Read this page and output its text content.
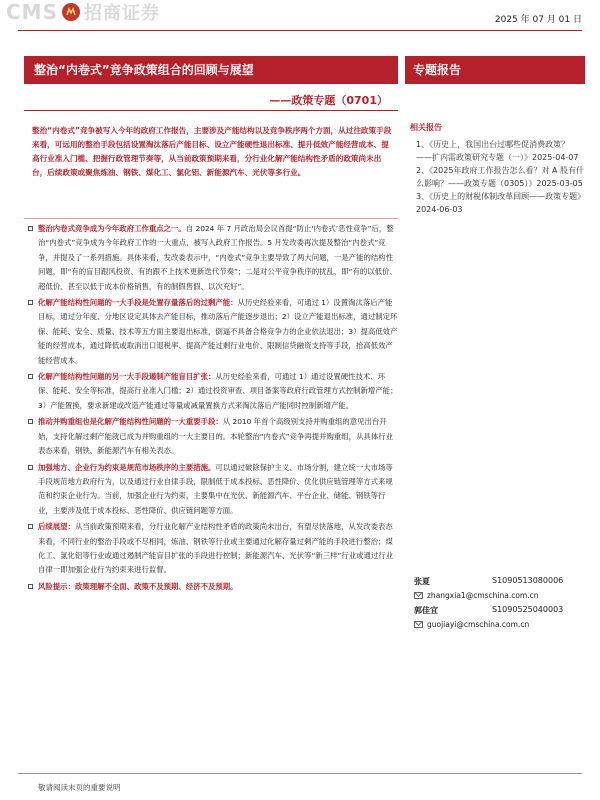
CMS 招商证券	2025 年 07 月 01 日
整治“内卷式”竞争政策组合的回顾与展望	专题报告
——政策专题（0701）
整治“内卷式”竞争被写入今年的政府工作报告，主要涉及产能结构以及竞争秩序两个方面，从过往政策手段来看，可远用的整治手段包括设置淘汰落后产能目标、设立产能硬性退出标准、提升低效产能经营成本、提高行业准入门槛、把握行政管理节奏等，从当前政策预期来看，分行业化解产能结构性矛盾的政策尚未出台，后续政策或聚焦炼油、钢铁、煤化工、氯化铝、新能源汽车、光伏等多行业。
整治内卷式竞争成为今年政府工作重点之一。自 2024 年 7 月政治局会议首提“防止‘内卷式’恶性竞争”后，整治“内卷式”竞争成为今年政府工作的一大重点，被写入政府工作报告。5 月发改委再次提及整治“内卷式”竞争，并提及了一系列措施。具体来看，发改委表示中，“内卷式”竞争主要导致了两大问题，一是产能的结构性问题，即“有的盲目跟风投资、有的跟不上技术更新迭代节奏”；二是对公平竞争秩序的扰乱，即“有的以低价、超低价、甚至以低于成本价格销售，有的制假售假、以次充好”。
化解产能结构性问题的一大手段是处置存量落后的过剩产能：从历史经验来看，可通过 1）设置淘汰落后产能目标，通过分年度、分地区设定具体去产能目标，推动落后产能逐步退出；2）设立产能退出标准，通过制定环保、能耗、安全、质量、技术等五方面主要退出标准，倒逼不具备合格竞争力的企业依法退出；3）提高低效产能的经营成本，通过降低或取消出口退税率、提高产能过剩行业电价、限制信贷融资支持等手段，抬高低效产能经营成本。
化解产能结构性问题的另一大手段遏制产能盲目扩张：从历史经验来看，可通过 1）通过设置硬性技术、环保、能耗、安全等标准，提高行业准入门槛；2）通过投资审查、项目备案等政府行政管理方式控制新增产能；3）产能置换，要求新建或改造产能通过等量或减量置换方式来淘汰落后产能同时控制新增产能。
推动并购重组也是化解产能结构性问题的一大重要手段：从 2010 年首个高级别支持并购重组的意见出台开始，支持化解过剩产能就已成为并购重组的一大主要目的。本轮整治“内卷式”竞争再提并购重组，从具体行业表态来看，钢铁、新能源汽车有相关表态。
加强地方、企业行为约束是规范市场秩序的主要措施。可以通过破除保护主义、市场分割，建立统一大市场等手段规范地方政府行为，以及通过行业自律手段，限制低于成本投标、恶性降价、优化供应链管理等方式来规范和约束企业行为。当前，加强企业行为约束，主要集中在光伏、新能源汽车、平台企业、储能、钢铁等行业，主要涉及低于成本投标、恶性降价、供应链问题等方面。
后续展望：从当前政策预期来看，分行业化解产业结构性矛盾的政策尚未出台，有望尽快落地，从发改委表态来看，不同行业的整治手段或不尽相同，炼油、钢铁等行业或主要通过化解存量过剩产能的手段进行整治；煤化工、氯化铝等行业或通过遏制产能盲目扩张的手段进行控制；新能源汽车、光伏等“新三样”行业或通过行业自律一即加强企业行为约束来进行监督。
风险提示：政策理解不全面、政策不及预期、经济不及预期。
相关报告
1、《历史上，我国出台过哪些促消费政策？——扩内需政策研究专题（一）》2025-04-07
2、《2025年政府工作报告怎么看？对 A 股有什么影响？——政策专题（0305）》2025-03-05
3、《历史上的财税体制改革回顾——政策专题》2024-06-03
张夏	S1090513080006
zhangxia1@cmschina.com.cn
郭佳宜	S1090525040003
guojiayi@cmschina.com.cn
敬请阅读末页的重要说明
